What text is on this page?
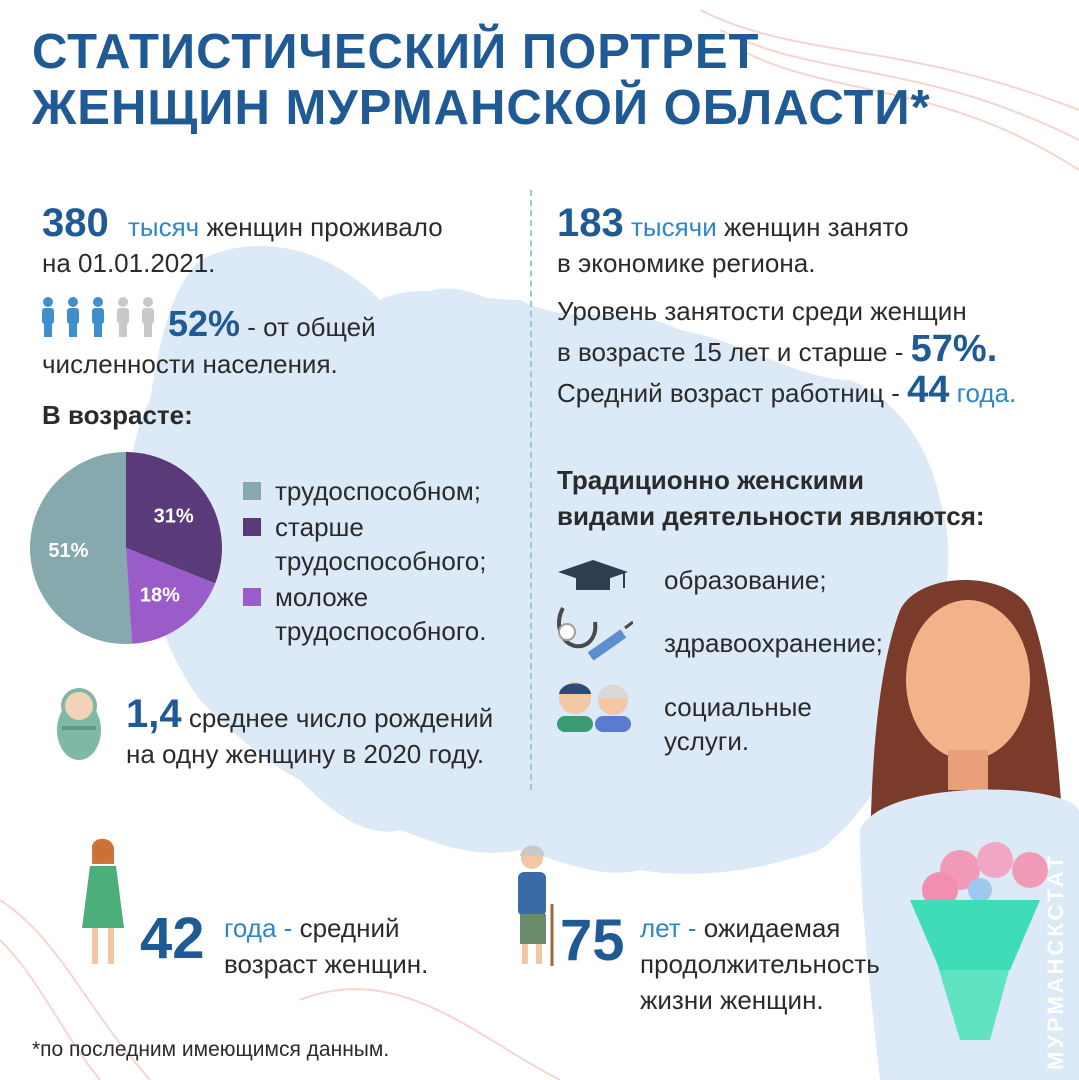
СТАТИСТИЧЕСКИЙ ПОРТРЕТ
ЖЕНЩИН МУРМАНСКОЙ ОБЛАСТИ*
380 тысяч женщин проживало
на 01.01.2021.
52% - от общей
численности населения.
В возрасте:
51%
31%
18%
трудоспособном;
старше
трудоспособного;
моложе
трудоспособного.
1,4 среднее число рождений
на одну женщину в 2020 году.
183 тысячи женщин занято
в экономике региона.
Уровень занятости среди женщин
в возрасте 15 лет и старше - 57%.
Средний возраст работниц - 44 года.
Традиционно женскими
видами деятельности являются:
образование;
здравоохранение;
социальные
услуги.
42 года - средний
возраст женщин.	75 лет - ожидаемая
продолжительность
жизни женщин.
*по последним имеющимся данным.	МУРМАНСКСТАТ
